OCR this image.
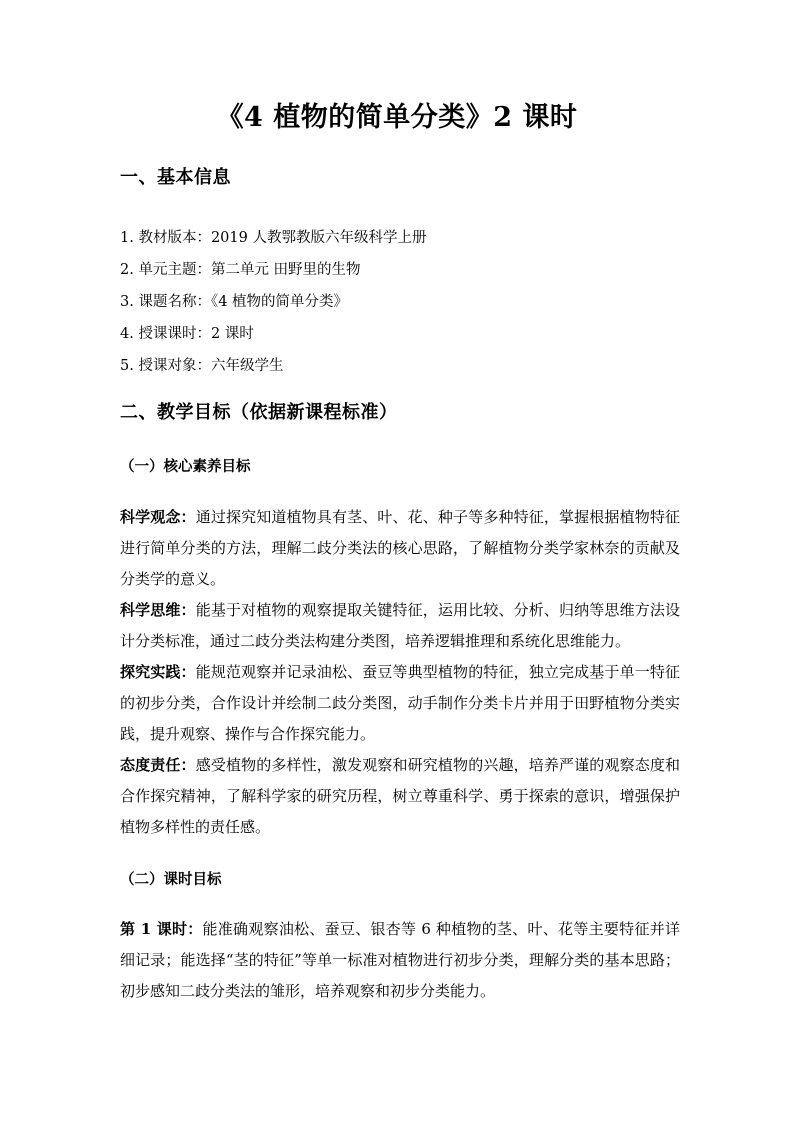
《4 植物的简单分类》2 课时
一、基本信息
1. 教材版本：2019 人教鄂教版六年级科学上册
2. 单元主题：第二单元 田野里的生物
3. 课题名称：《4 植物的简单分类》
4. 授课课时：2 课时
5. 授课对象：六年级学生
二、教学目标（依据新课程标准）
（一）核心素养目标

科学观念：通过探究知道植物具有茎、叶、花、种子等多种特征，掌握根据植物特征进行简单分类的方法，理解二歧分类法的核心思路，了解植物分类学家林奈的贡献及分类学的意义。

科学思维：能基于对植物的观察提取关键特征，运用比较、分析、归纳等思维方法设计分类标准，通过二歧分类法构建分类图，培养逻辑推理和系统化思维能力。

探究实践：能规范观察并记录油松、蚕豆等典型植物的特征，独立完成基于单一特征的初步分类，合作设计并绘制二歧分类图，动手制作分类卡片并用于田野植物分类实践，提升观察、操作与合作探究能力。

态度责任：感受植物的多样性，激发观察和研究植物的兴趣，培养严谨的观察态度和合作探究精神，了解科学家的研究历程，树立尊重科学、勇于探索的意识，增强保护植物多样性的责任感。

（二）课时目标

第 1 课时：能准确观察油松、蚕豆、银杏等 6 种植物的茎、叶、花等主要特征并详细记录；能选择“茎的特征”等单一标准对植物进行初步分类，理解分类的基本思路；初步感知二歧分类法的雏形，培养观察和初步分类能力。
